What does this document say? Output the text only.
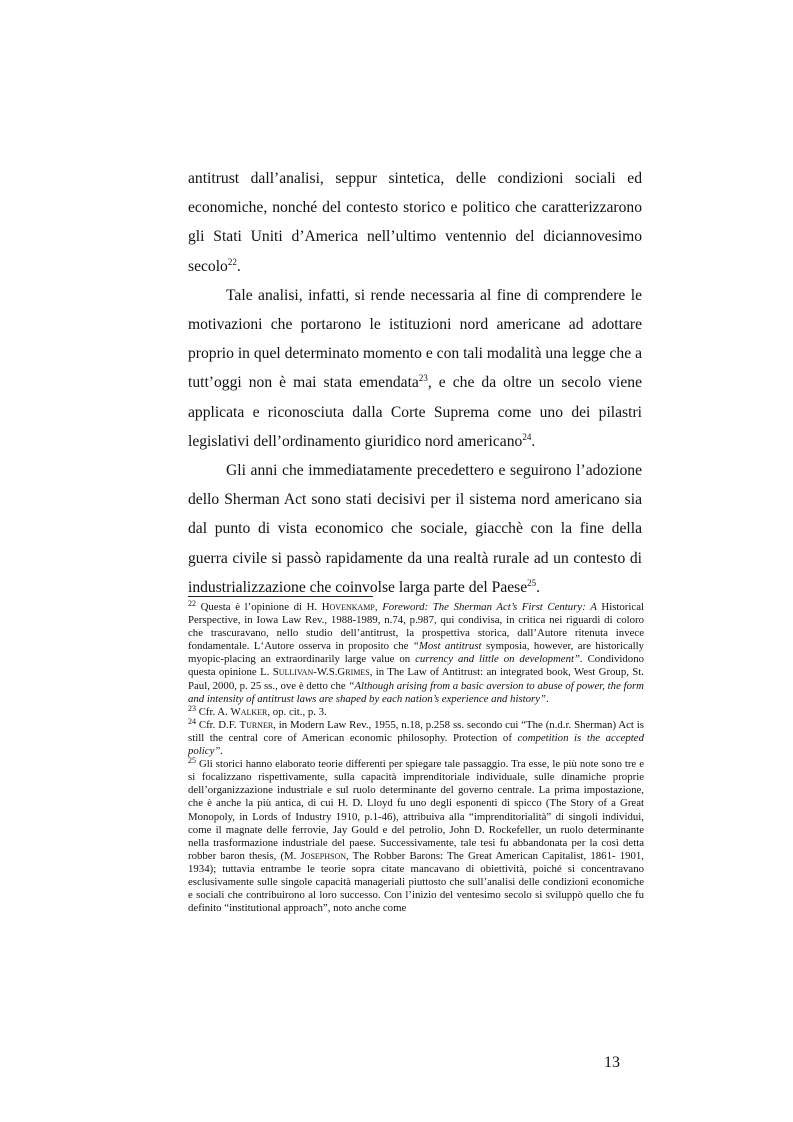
antitrust dall’analisi, seppur sintetica, delle condizioni sociali ed economiche, nonché del contesto storico e politico che caratterizzarono gli Stati Uniti d’America nell’ultimo ventennio del diciannovesimo secolo$^{22}$.

Tale analisi, infatti, si rende necessaria al fine di comprendere le motivazioni che portarono le istituzioni nord americane ad adottare proprio in quel determinato momento e con tali modalità una legge che a tutt’oggi non è mai stata emendata$^{23}$, e che da oltre un secolo viene applicata e riconosciuta dalla Corte Suprema come uno dei pilastri legislativi dell’ordinamento giuridico nord americano$^{24}$.

Gli anni che immediatamente precedettero e seguirono l’adozione dello Sherman Act sono stati decisivi per il sistema nord americano sia dal punto di vista economico che sociale, giacchè con la fine della guerra civile si passò rapidamente da una realtà rurale ad un contesto di industrializzazione che coinvolse larga parte del Paese$^{25}$.

$^{22}$ Questa è l’opinione di H. Hovenkamp, Foreword: The Sherman Act’s First Century: A Historical Perspective, in Iowa Law Rev., 1988-1989, n.74, p.987, qui condivisa, in critica nei riguardi di coloro che trascuravano, nello studio dell’antitrust, la prospettiva storica, dall’Autore ritenuta invece fondamentale. L‘Autore osserva in proposito che “Most antitrust symposia, however, are historically myopic-placing an extraordinarily large value on currency and little on development”. Condividono questa opinione L. Sullivan-W.S.Grimes, in The Law of Antitrust: an integrated book, West Group, St. Paul, 2000, p. 25 ss., ove è detto che “Although arising from a basic aversion to abuse of power, the form and intensity of antitrust laws are shaped by each nation’s experience and history”.

$^{23}$ Cfr. A. Walker, op. cit., p. 3.

$^{24}$ Cfr. D.F. Turner, in Modern Law Rev., 1955, n.18, p.258 ss. secondo cui “The (n.d.r. Sherman) Act is still the central core of American economic philosophy. Protection of competition is the accepted policy”.

$^{25}$ Gli storici hanno elaborato teorie differenti per spiegare tale passaggio. Tra esse, le più note sono tre e si focalizzano rispettivamente, sulla capacità imprenditoriale individuale, sulle dinamiche proprie dell’organizzazione industriale e sul ruolo determinante del governo centrale. La prima impostazione, che è anche la più antica, di cui H. D. Lloyd fu uno degli esponenti di spicco (The Story of a Great Monopoly, in Lords of Industry 1910, p.1-46), attribuiva alla “imprenditorialità” di singoli individui, come il magnate delle ferrovie, Jay Gould e del petrolio, John D. Rockefeller, un ruolo determinante nella trasformazione industriale del paese. Successivamente, tale tesi fu abbandonata per la così detta robber baron thesis, (M. Josephson, The Robber Barons: The Great American Capitalist, 1861- 1901, 1934); tuttavia entrambe le teorie sopra citate mancavano di obiettività, poiché si concentravano esclusivamente sulle singole capacità manageriali piuttosto che sull’analisi delle condizioni economiche e sociali che contribuirono al loro successo. Con l’inizio del ventesimo secolo si sviluppò quello che fu definito “institutional approach”, noto anche come

13
